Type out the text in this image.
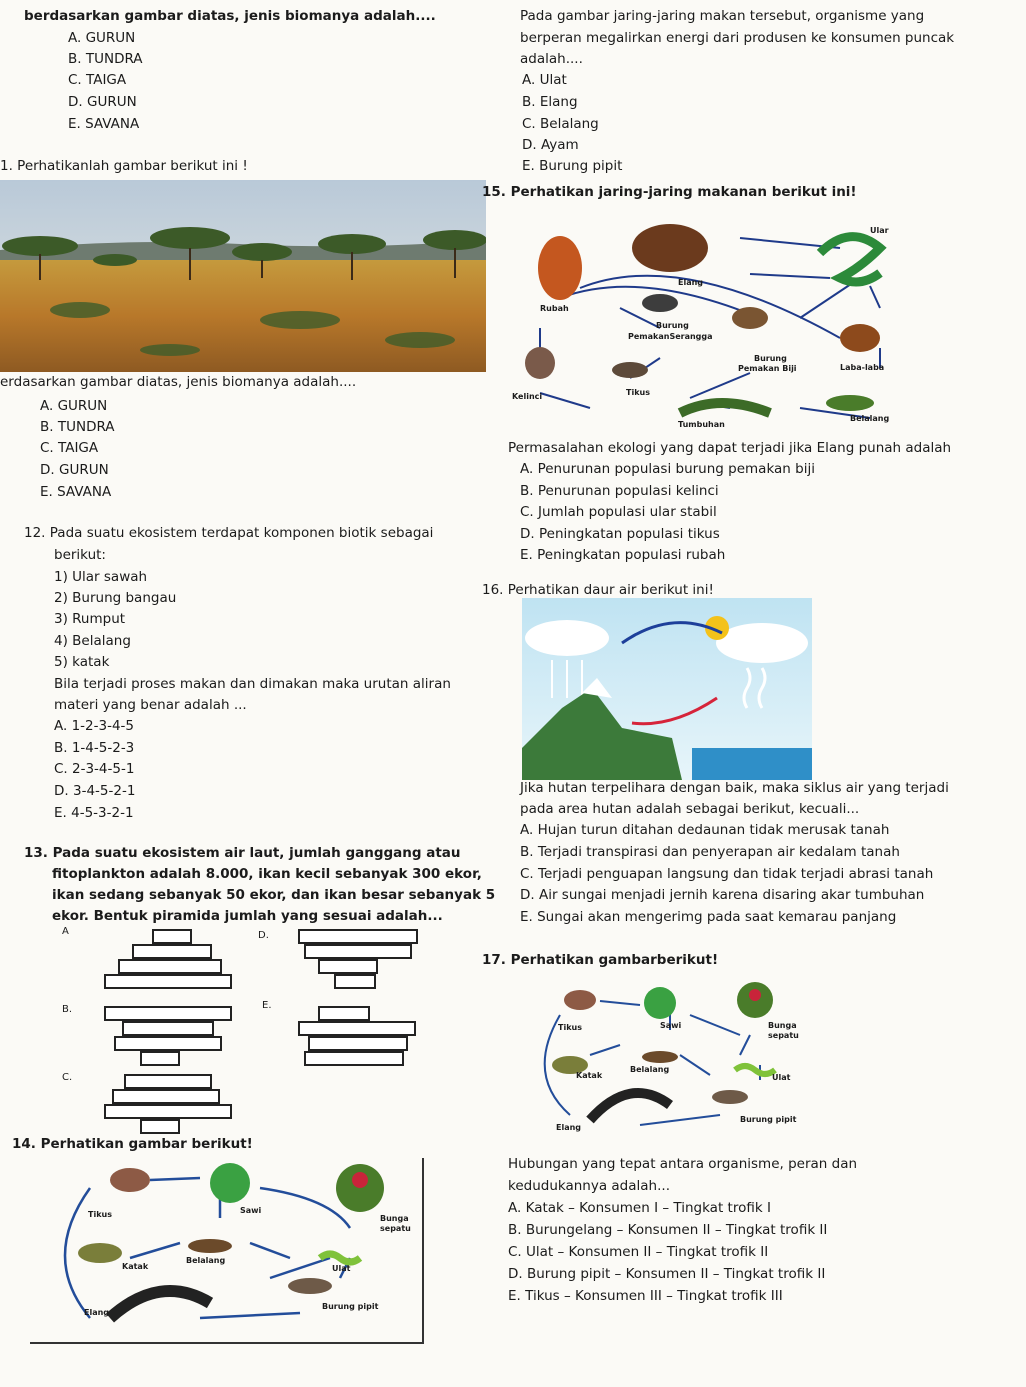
berdasarkan gambar diatas, jenis biomanya adalah....
A. GURUN
B. TUNDRA
C. TAIGA
D. GURUN
E. SAVANA
Pada gambar jaring-jaring makan tersebut, organisme yang
berperan megalirkan energi dari produsen ke konsumen puncak
adalah....
A. Ulat
B. Elang
C. Belalang
D. Ayam
E. Burung pipit
1. Perhatikanlah gambar berikut ini !
erdasarkan gambar diatas, jenis biomanya adalah....
A. GURUN
B. TUNDRA
C. TAIGA
D. GURUN
E. SAVANA
15. Perhatikan jaring-jaring makanan berikut ini!
Ular
Elang
Rubah
Burung
PemakanSerangga
Burung
Pemakan Biji	Laba-laba
Kelinci	Tikus
Tumbuhan
Belalang
Permasalahan ekologi yang dapat terjadi jika Elang punah adalah
A. Penurunan populasi burung pemakan biji
B. Penurunan populasi kelinci
C. Jumlah populasi ular stabil
D. Peningkatan populasi tikus
E. Peningkatan populasi rubah
12. Pada suatu ekosistem terdapat komponen biotik sebagai
berikut:
1) Ular sawah
2) Burung bangau
3) Rumput
4) Belalang
5) katak
Bila terjadi proses makan dan dimakan maka urutan aliran
materi yang benar adalah ...
A. 1-2-3-4-5
B. 1-4-5-2-3
C. 2-3-4-5-1
D. 3-4-5-2-1
E. 4-5-3-2-1
16. Perhatikan daur air berikut ini!
Jika hutan terpelihara dengan baik, maka siklus air yang terjadi
pada area hutan adalah sebagai berikut, kecuali...
A. Hujan turun ditahan dedaunan tidak merusak tanah
B. Terjadi transpirasi dan penyerapan air kedalam tanah
C. Terjadi penguapan langsung dan tidak terjadi abrasi tanah
D. Air sungai menjadi jernih karena disaring akar tumbuhan
E. Sungai akan mengerimg pada saat kemarau panjang
13. Pada suatu ekosistem air laut, jumlah ganggang atau
fitoplankton adalah 8.000, ikan kecil sebanyak 300 ekor,
ikan sedang sebanyak 50 ekor, dan ikan besar sebanyak 5
ekor. Bentuk piramida jumlah yang sesuai adalah...
A	D.
B.	E.
C.
17. Perhatikan gambarberikut!
Tikus	Sawi	Bunga
sepatu
Katak
Belalang
Ulat
Elang
Burung pipit
Hubungan yang tepat antara organisme, peran dan
kedudukannya adalah...
A. Katak – Konsumen I – Tingkat trofik I
B. Burungelang – Konsumen II – Tingkat trofik II
C. Ulat – Konsumen II – Tingkat trofik II
D. Burung pipit – Konsumen II – Tingkat trofik II
E. Tikus – Konsumen III – Tingkat trofik III
14. Perhatikan gambar berikut!
Tikus	Sawi
Bunga
sepatu
Katak
Belalang
Ulat
Elang
Burung pipit
